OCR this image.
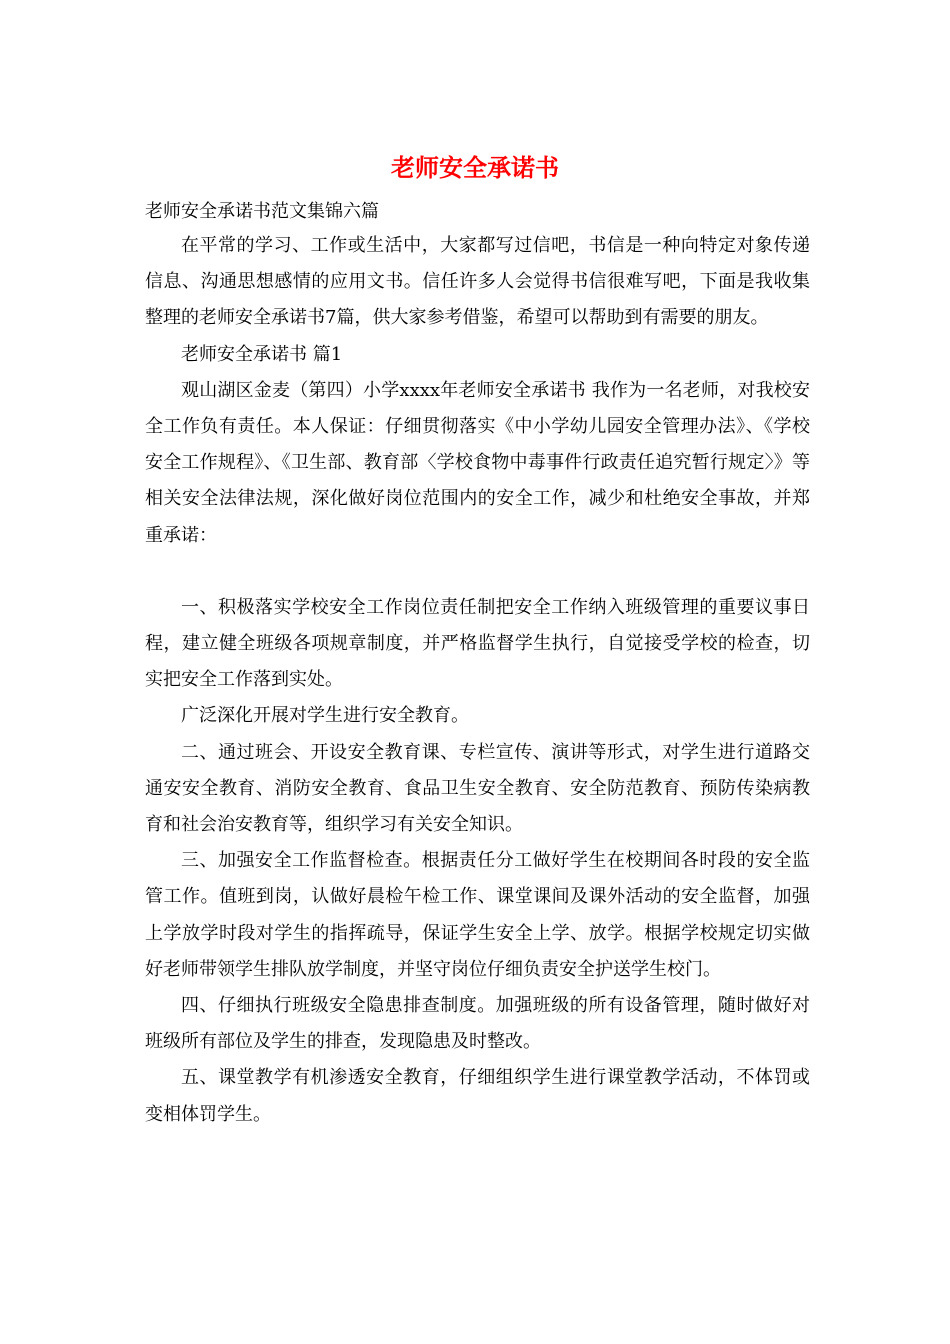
老师安全承诺书
老师安全承诺书范文集锦六篇

在平常的学习、工作或生活中，大家都写过信吧，书信是一种向特定对象传递信息、沟通思想感情的应用文书。信任许多人会觉得书信很难写吧，下面是我收集整理的老师安全承诺书7篇，供大家参考借鉴，希望可以帮助到有需要的朋友。

老师安全承诺书 篇1

观山湖区金麦（第四）小学xxxx年老师安全承诺书 我作为一名老师，对我校安全工作负有责任。本人保证：仔细贯彻落实《中小学幼儿园安全管理办法》、《学校安全工作规程》、《卫生部、教育部〈学校食物中毒事件行政责任追究暂行规定〉》等相关安全法律法规，深化做好岗位范围内的安全工作，减少和杜绝安全事故，并郑重承诺：

一、积极落实学校安全工作岗位责任制把安全工作纳入班级管理的重要议事日程，建立健全班级各项规章制度，并严格监督学生执行，自觉接受学校的检查，切实把安全工作落到实处。

广泛深化开展对学生进行安全教育。

二、通过班会、开设安全教育课、专栏宣传、演讲等形式，对学生进行道路交通安安全教育、消防安全教育、食品卫生安全教育、安全防范教育、预防传染病教育和社会治安教育等，组织学习有关安全知识。

三、加强安全工作监督检查。根据责任分工做好学生在校期间各时段的安全监管工作。值班到岗，认做好晨检午检工作、课堂课间及课外活动的安全监督，加强上学放学时段对学生的指挥疏导，保证学生安全上学、放学。根据学校规定切实做好老师带领学生排队放学制度，并坚守岗位仔细负责安全护送学生校门。

四、仔细执行班级安全隐患排查制度。加强班级的所有设备管理，随时做好对班级所有部位及学生的排查，发现隐患及时整改。

五、课堂教学有机渗透安全教育，仔细组织学生进行课堂教学活动，不体罚或变相体罚学生。
